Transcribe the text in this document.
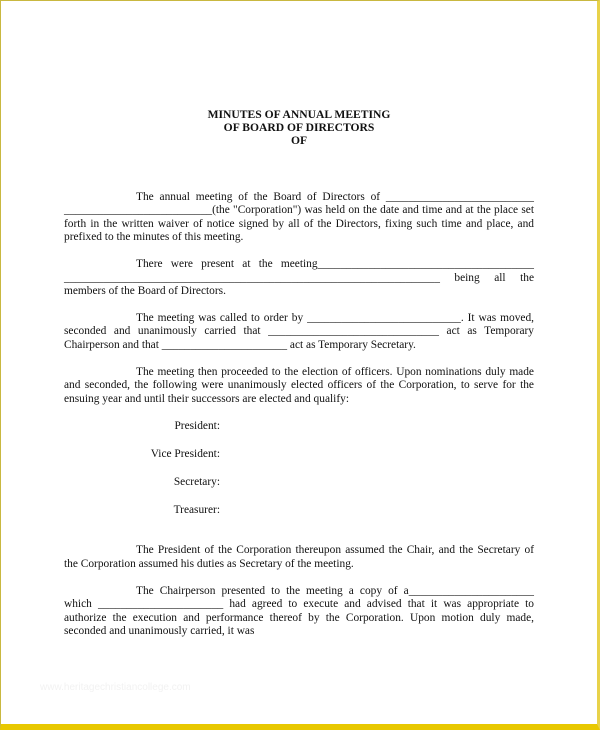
MINUTES OF ANNUAL MEETING
OF BOARD OF DIRECTORS
OF

The annual meeting of the Board of Directors of __________________________ __________________________(the "Corporation") was held on the date and time and at the place set forth in the written waiver of notice signed by all of the Directors, fixing such time and place, and prefixed to the minutes of this meeting.

There were present at the meeting______________________________________ __________________________________________________________________ being all the members of the Board of Directors.

The meeting was called to order by ___________________________. It was moved, seconded and unanimously carried that ______________________________ act as Temporary Chairperson and that ______________________ act as Temporary Secretary.

The meeting then proceeded to the election of officers. Upon nominations duly made and seconded, the following were unanimously elected officers of the Corporation, to serve for the ensuing year and until their successors are elected and qualify:

President:
Vice President:
Secretary:
Treasurer:

The President of the Corporation thereupon assumed the Chair, and the Secretary of the Corporation assumed his duties as Secretary of the meeting.

The Chairperson presented to the meeting a copy of a______________________ which ______________________ had agreed to execute and advised that it was appropriate to authorize the execution and performance thereof by the Corporation. Upon motion duly made, seconded and unanimously carried, it was

www.heritagechristiancollege.com
